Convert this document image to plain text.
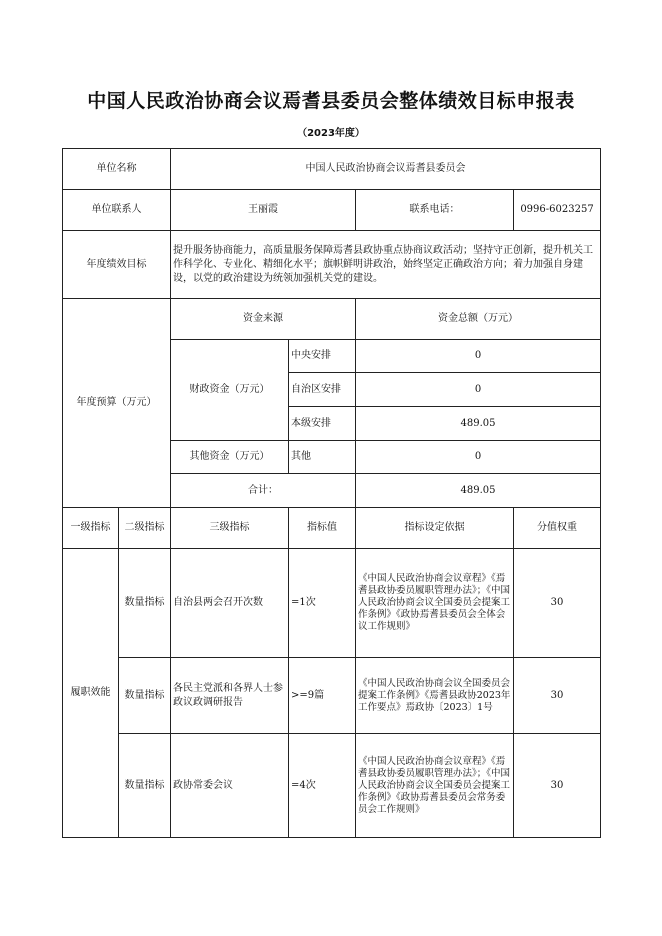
中国人民政治协商会议焉耆县委员会整体绩效目标申报表
（2023年度）
单位名称		中国人民政治协商会议焉耆县委员会			
单位联系人		王丽霞		联系电话：	0996-6023257
年度绩效目标		提升服务协商能力，高质量服务保障焉耆县政协重点协商议政活动；坚持守正创新，提升机关工作科学化、专业化、精细化水平；旗帜鲜明讲政治，始终坚定正确政治方向；着力加强自身建设，以党的政治建设为统领加强机关党的建设。			
年度预算（万元）		资金来源		资金总额（万元）	
		财政资金（万元）	中央安排	0	
			自治区安排	0	
			本级安排	489.05	
		其他资金（万元）	其他	0	
		合计：		489.05	
一级指标	二级指标	三级指标	指标值	指标设定依据	分值权重
履职效能	数量指标	自治县两会召开次数	=1次	《中国人民政治协商会议章程》《焉耆县政协委员履职管理办法》；《中国人民政治协商会议全国委员会提案工作条例》《政协焉耆县委员会全体会议工作规则》	30
	数量指标	各民主党派和各界人士参政议政调研报告	>=9篇	《中国人民政治协商会议全国委员会提案工作条例》《焉耆县政协2023年工作要点》焉政协〔2023〕1号	30
	数量指标	政协常委会议	=4次	《中国人民政治协商会议章程》《焉耆县政协委员履职管理办法》；《中国人民政治协商会议全国委员会提案工作条例》《政协焉耆县委员会常务委员会工作规则》	30
